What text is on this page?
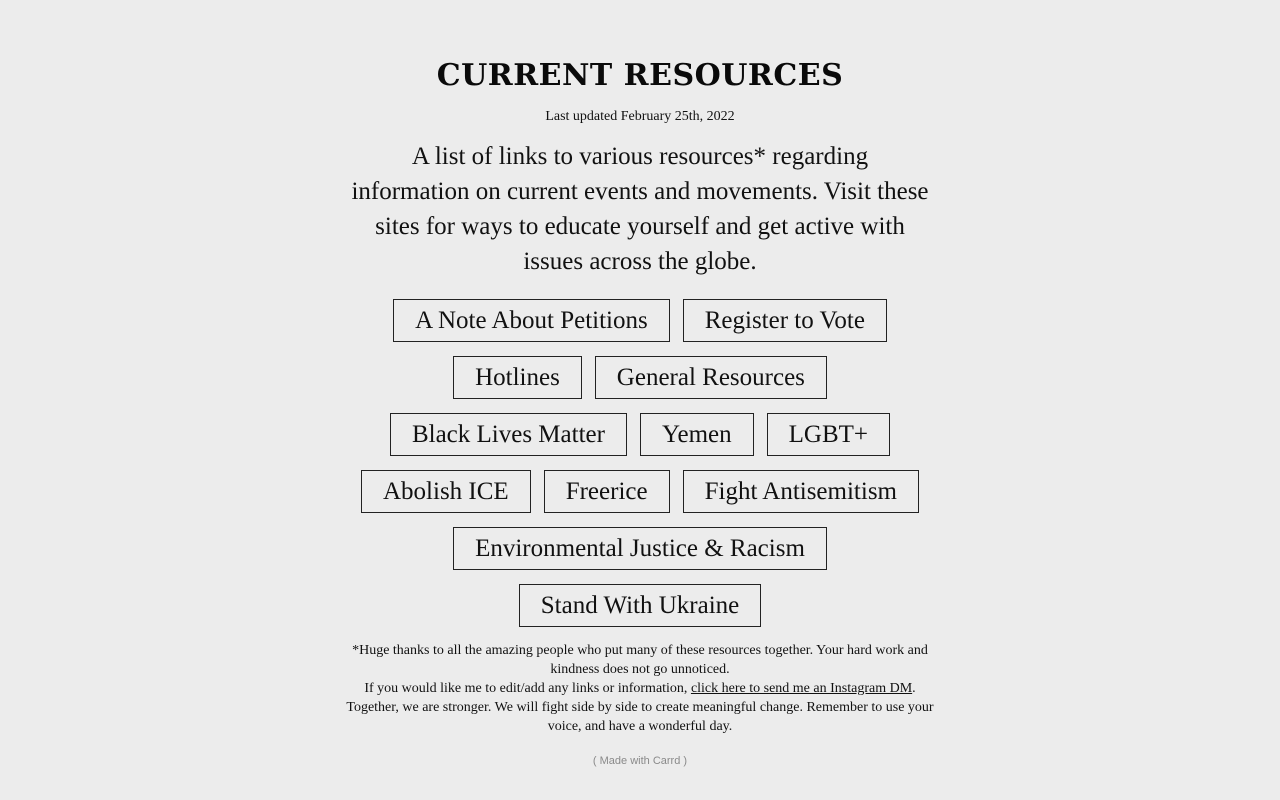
CURRENT RESOURCES
Last updated February 25th, 2022
A list of links to various resources* regarding information on current events and movements. Visit these sites for ways to educate yourself and get active with issues across the globe.
A Note About Petitions	Register to Vote
Hotlines	General Resources
Black Lives Matter	Yemen	LGBT+
Abolish ICE	Freerice	Fight Antisemitism
Environmental Justice & Racism
Stand With Ukraine
*Huge thanks to all the amazing people who put many of these resources together. Your hard work and kindness does not go unnoticed.
If you would like me to edit/add any links or information, click here to send me an Instagram DM. Together, we are stronger. We will fight side by side to create meaningful change. Remember to use your voice, and have a wonderful day.
( Made with Carrd )
